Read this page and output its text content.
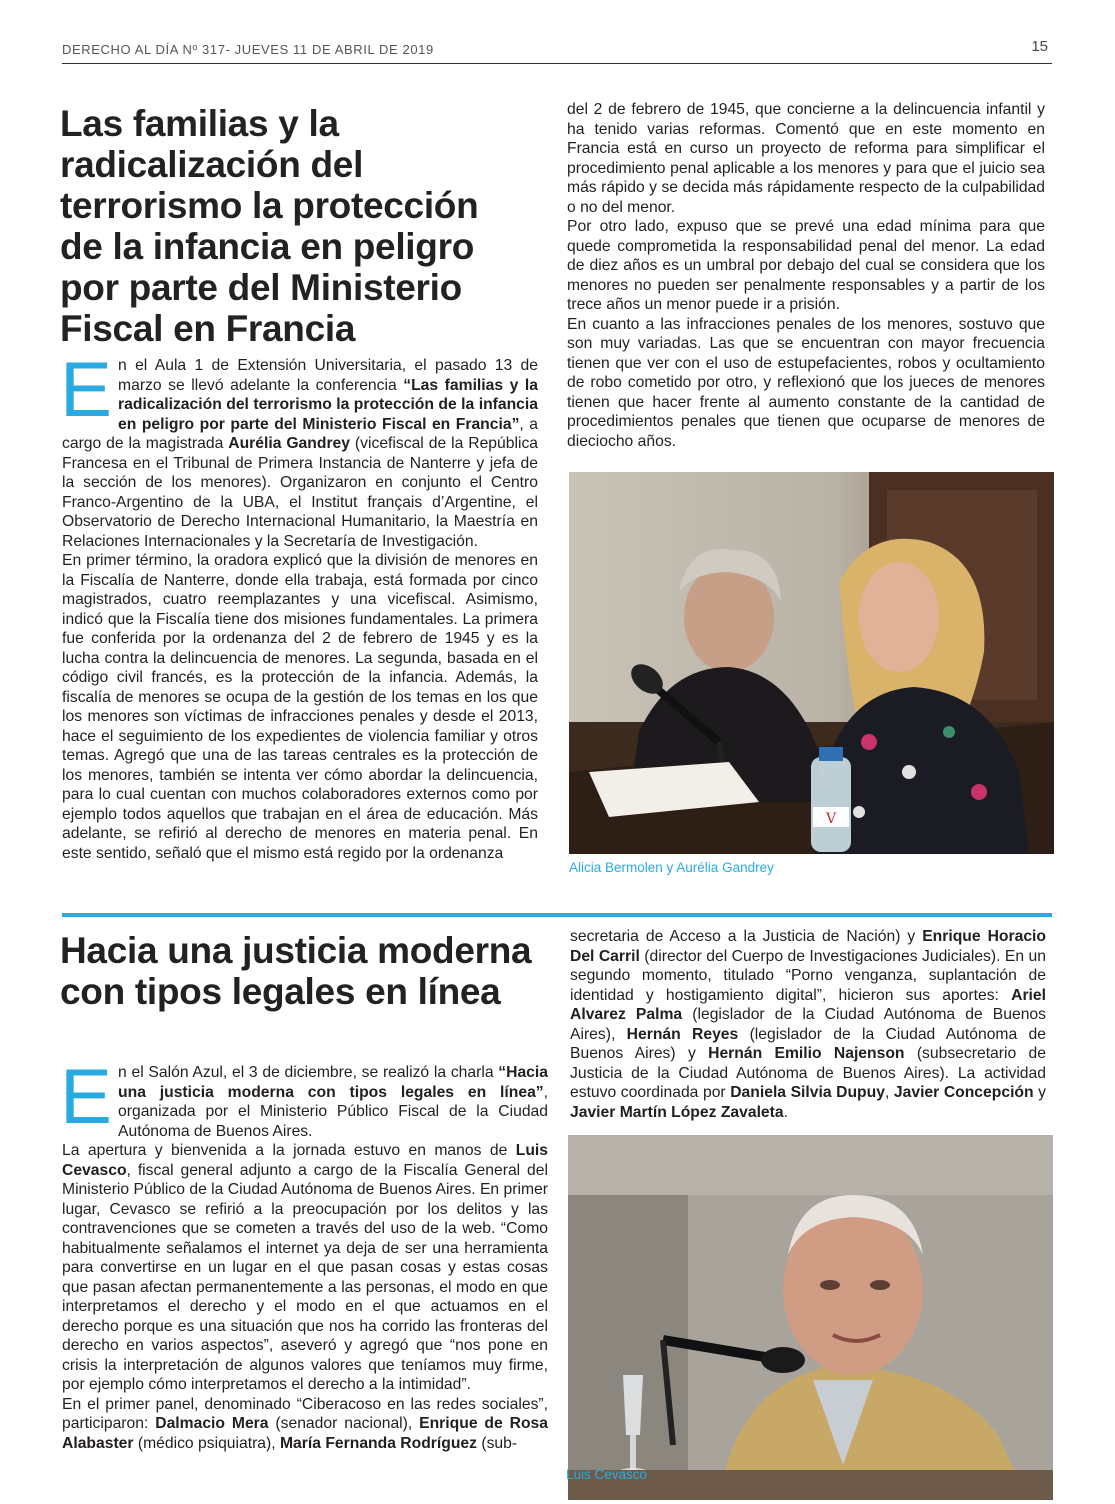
DERECHO AL DÍA Nº 317- JUEVES 11 DE ABRIL DE 2019	15
Las familias y la radicalización del terrorismo la protección de la infancia en peligro por parte del Ministerio Fiscal en Francia
E n el Aula 1 de Extensión Universitaria, el pasado 13 de marzo se llevó adelante la conferencia “Las familias y la radicalización del terrorismo la protección de la infancia en peligro por parte del Ministerio Fiscal en Francia”, a cargo de la magistrada Aurélia Gandrey (vicefiscal de la República Francesa en el Tribunal de Primera Instancia de Nanterre y jefa de la sección de los menores). Organizaron en conjunto el Centro Franco-Argentino de la UBA, el Institut français d’Argentine, el Observatorio de Derecho Internacional Humanitario, la Maestría en Relaciones Internacionales y la Secretaría de Investigación.

En primer término, la oradora explicó que la división de menores en la Fiscalía de Nanterre, donde ella trabaja, está formada por cinco magistrados, cuatro reemplazantes y una vicefiscal. Asimismo, indicó que la Fiscalía tiene dos misiones fundamentales. La primera fue conferida por la ordenanza del 2 de febrero de 1945 y es la lucha contra la delincuencia de menores. La segunda, basada en el código civil francés, es la protección de la infancia. Además, la fiscalía de menores se ocupa de la gestión de los temas en los que los menores son víctimas de infracciones penales y desde el 2013, hace el seguimiento de los expedientes de violencia familiar y otros temas. Agregó que una de las tareas centrales es la protección de los menores, también se intenta ver cómo abordar la delincuencia, para lo cual cuentan con muchos colaboradores externos como por ejemplo todos aquellos que trabajan en el área de educación. Más adelante, se refirió al derecho de menores en materia penal. En este sentido, señaló que el mismo está regido por la ordenanza

del 2 de febrero de 1945, que concierne a la delincuencia infantil y ha tenido varias reformas. Comentó que en este momento en Francia está en curso un proyecto de reforma para simplificar el procedimiento penal aplicable a los menores y para que el juicio sea más rápido y se decida más rápidamente respecto de la culpabilidad o no del menor.

Por otro lado, expuso que se prevé una edad mínima para que quede comprometida la responsabilidad penal del menor. La edad de diez años es un umbral por debajo del cual se considera que los menores no pueden ser penalmente responsables y a partir de los trece años un menor puede ir a prisión.

En cuanto a las infracciones penales de los menores, sostuvo que son muy variadas. Las que se encuentran con mayor frecuencia tienen que ver con el uso de estupefacientes, robos y ocultamiento de robo cometido por otro, y reflexionó que los jueces de menores tienen que hacer frente al aumento constante de la cantidad de procedimientos penales que tienen que ocuparse de menores de dieciocho años.

V
Alicia Bermolen y Aurélia Gandrey
Hacia una justicia moderna con tipos legales en línea
E n el Salón Azul, el 3 de diciembre, se realizó la charla “Hacia una justicia moderna con tipos legales en línea”, organizada por el Ministerio Público Fiscal de la Ciudad Autónoma de Buenos Aires.

La apertura y bienvenida a la jornada estuvo en manos de Luis Cevasco, fiscal general adjunto a cargo de la Fiscalía General del Ministerio Público de la Ciudad Autónoma de Buenos Aires. En primer lugar, Cevasco se refirió a la preocupación por los delitos y las contravenciones que se cometen a través del uso de la web. “Como habitualmente señalamos el internet ya deja de ser una herramienta para convertirse en un lugar en el que pasan cosas y estas cosas que pasan afectan permanentemente a las personas, el modo en que interpretamos el derecho y el modo en el que actuamos en el derecho porque es una situación que nos ha corrido las fronteras del derecho en varios aspectos”, aseveró y agregó que “nos pone en crisis la interpretación de algunos valores que teníamos muy firme, por ejemplo cómo interpretamos el derecho a la intimidad”.

En el primer panel, denominado “Ciberacoso en las redes sociales”, participaron: Dalmacio Mera (senador nacional), Enrique de Rosa Alabaster (médico psiquiatra), María Fernanda Rodríguez (sub-

secretaria de Acceso a la Justicia de Nación) y Enrique Horacio Del Carril (director del Cuerpo de Investigaciones Judiciales). En un segundo momento, titulado “Porno venganza, suplantación de identidad y hostigamiento digital”, hicieron sus aportes: Ariel Alvarez Palma (legislador de la Ciudad Autónoma de Buenos Aires), Hernán Reyes (legislador de la Ciudad Autónoma de Buenos Aires) y Hernán Emilio Najenson (subsecretario de Justicia de la Ciudad Autónoma de Buenos Aires). La actividad estuvo coordinada por Daniela Silvia Dupuy, Javier Concepción y Javier Martín López Zavaleta.

Luis Cevasco
